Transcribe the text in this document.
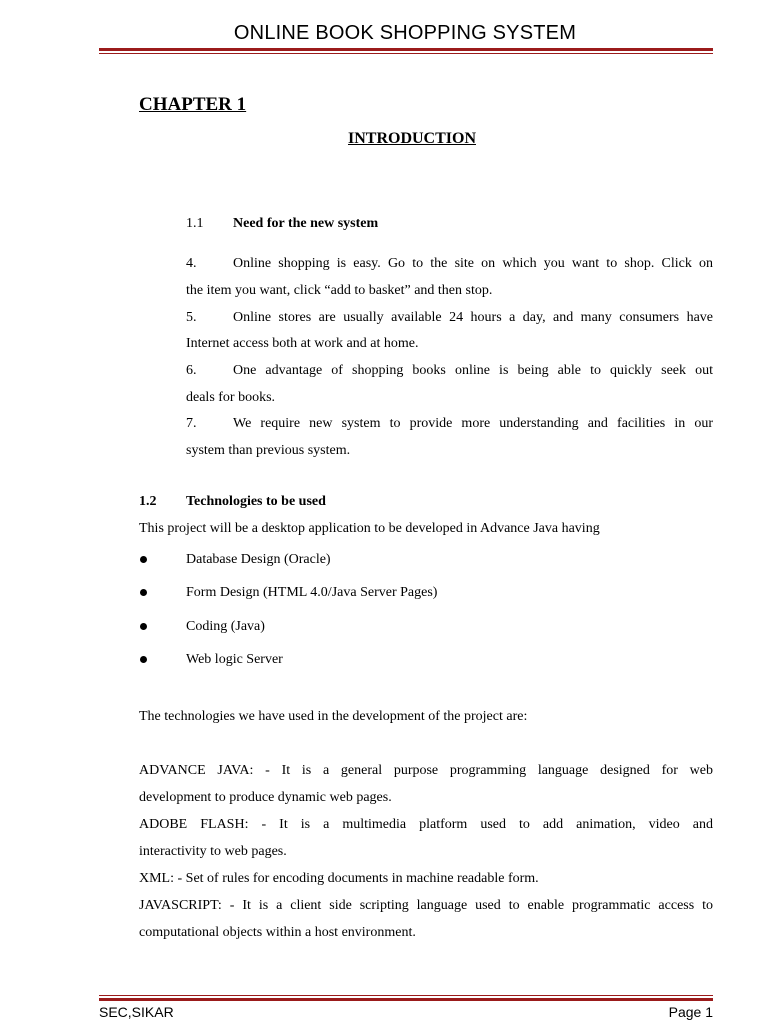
ONLINE BOOK SHOPPING SYSTEM
CHAPTER 1
INTRODUCTION
1.1 Need for the new system
4.	Online shopping is easy. Go to the site on which you want to shop. Click on
the item you want, click “add to basket” and then stop.
5.	Online stores are usually available 24 hours a day, and many consumers have
Internet access both at work and at home.
6.	One advantage of shopping books online is being able to quickly seek out
deals for books.
7.	We require new system to provide more understanding and facilities in our
system than previous system.
1.2 Technologies to be used
This project will be a desktop application to be developed in Advance Java having
Database Design (Oracle)
Form Design (HTML 4.0/Java Server Pages)
Coding (Java)
Web logic Server
The technologies we have used in the development of the project are:
ADVANCE JAVA: - It is a general purpose programming language designed for web
development to produce dynamic web pages.
ADOBE FLASH: - It is a multimedia platform used to add animation, video and
interactivity to web pages.
XML: - Set of rules for encoding documents in machine readable form.
JAVASCRIPT: - It is a client side scripting language used to enable programmatic access to
computational objects within a host environment.
SEC,SIKAR	Page 1
